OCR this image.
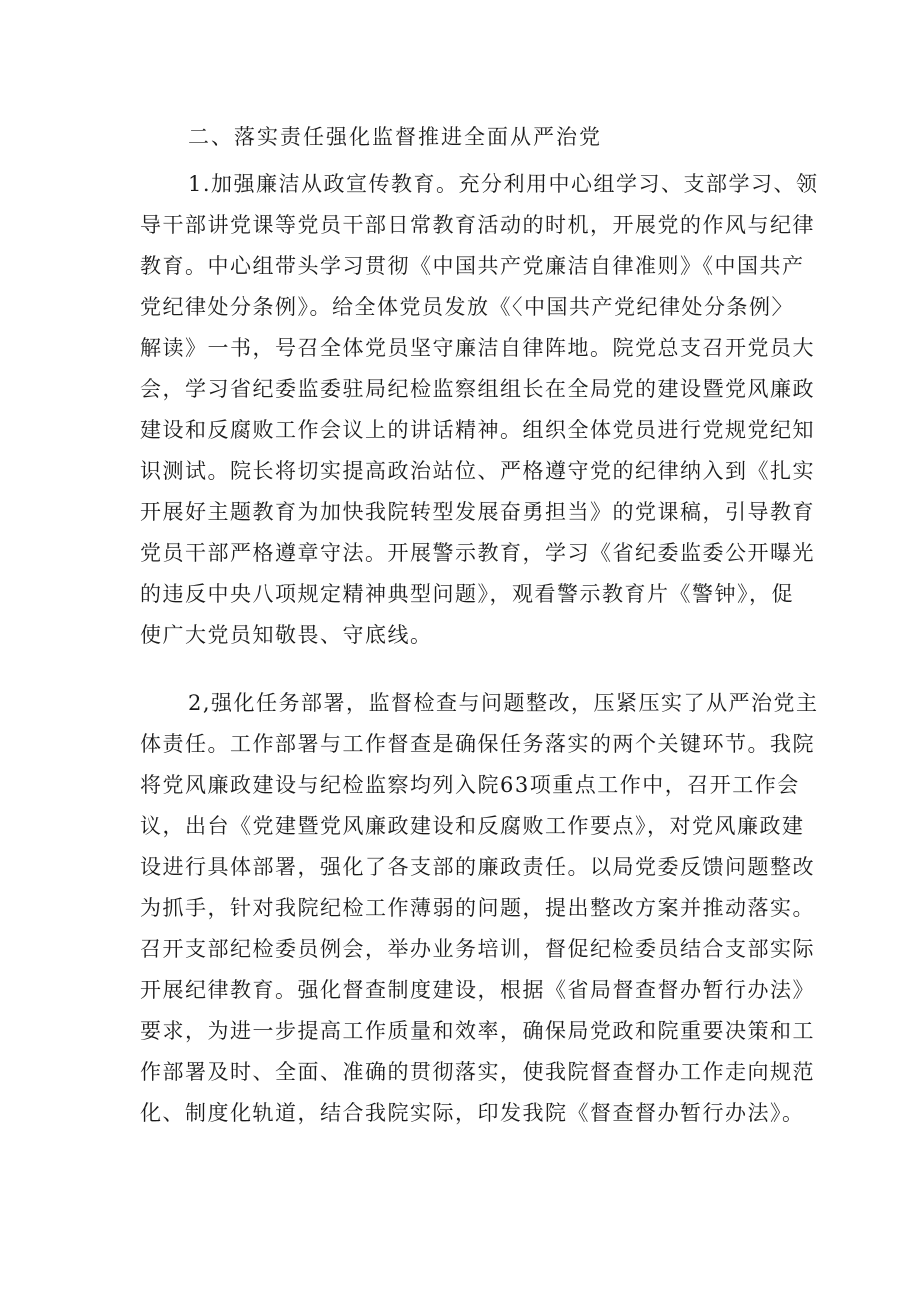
二、落实责任强化监督推进全面从严治党
1.加强廉洁从政宣传教育。充分利用中心组学习、支部学习、领
导干部讲党课等党员干部日常教育活动的时机，开展党的作风与纪律
教育。中心组带头学习贯彻《中国共产党廉洁自律准则》《中国共产
党纪律处分条例》。给全体党员发放《〈中国共产党纪律处分条例〉
解读》一书，号召全体党员坚守廉洁自律阵地。院党总支召开党员大
会，学习省纪委监委驻局纪检监察组组长在全局党的建设暨党风廉政
建设和反腐败工作会议上的讲话精神。组织全体党员进行党规党纪知
识测试。院长将切实提高政治站位、严格遵守党的纪律纳入到《扎实
开展好主题教育为加快我院转型发展奋勇担当》的党课稿，引导教育
党员干部严格遵章守法。开展警示教育，学习《省纪委监委公开曝光
的违反中央八项规定精神典型问题》，观看警示教育片《警钟》，促
使广大党员知敬畏、守底线。
2,强化任务部署，监督检查与问题整改，压紧压实了从严治党主
体责任。工作部署与工作督查是确保任务落实的两个关键环节。我院
将党风廉政建设与纪检监察均列入院63项重点工作中，召开工作会
议，出台《党建暨党风廉政建设和反腐败工作要点》，对党风廉政建
设进行具体部署，强化了各支部的廉政责任。以局党委反馈问题整改
为抓手，针对我院纪检工作薄弱的问题，提出整改方案并推动落实。
召开支部纪检委员例会，举办业务培训，督促纪检委员结合支部实际
开展纪律教育。强化督查制度建设，根据《省局督查督办暂行办法》
要求，为进一步提高工作质量和效率，确保局党政和院重要决策和工
作部署及时、全面、准确的贯彻落实，使我院督查督办工作走向规范
化、制度化轨道，结合我院实际，印发我院《督查督办暂行办法》。
